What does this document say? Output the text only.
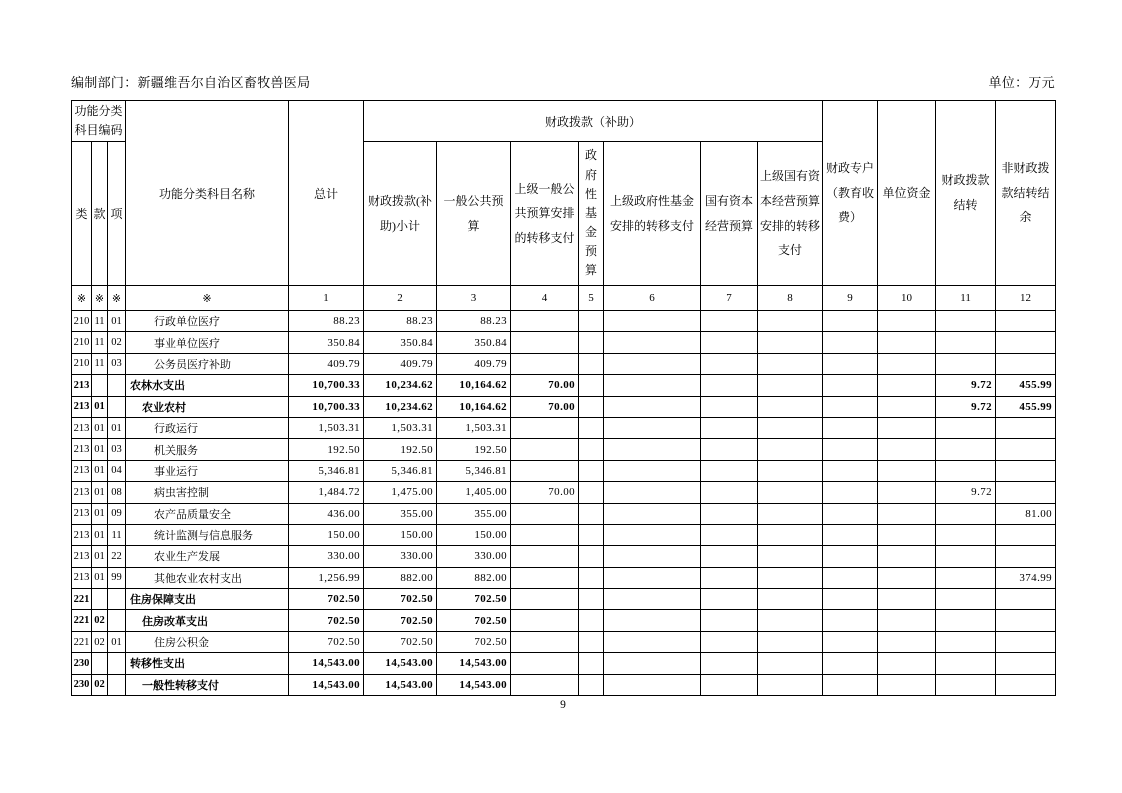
编制部门：新疆维吾尔自治区畜牧兽医局	单位：万元
功能分类科目编码			功能分类科目名称	总计	财政拨款（补助）							财政专户（教育收费）	单位资金	财政拨款结转	非财政拨款结转结余
类	款	项			财政拨款(补助)小计	一般公共预算	上级一般公共预算安排的转移支付	政府性基金预算	上级政府性基金安排的转移支付	国有资本经营预算	上级国有资本经营预算安排的转移支付				
※	※	※	※	1	2	3	4	5	6	7	8	9	10	11	12
210	11	01	行政单位医疗	88.23	88.23	88.23									
210	11	02	事业单位医疗	350.84	350.84	350.84									
210	11	03	公务员医疗补助	409.79	409.79	409.79									
213			农林水支出	10,700.33	10,234.62	10,164.62	70.00							9.72	455.99
213	01		农业农村	10,700.33	10,234.62	10,164.62	70.00							9.72	455.99
213	01	01	行政运行	1,503.31	1,503.31	1,503.31									
213	01	03	机关服务	192.50	192.50	192.50									
213	01	04	事业运行	5,346.81	5,346.81	5,346.81									
213	01	08	病虫害控制	1,484.72	1,475.00	1,405.00	70.00							9.72	
213	01	09	农产品质量安全	436.00	355.00	355.00									81.00
213	01	11	统计监测与信息服务	150.00	150.00	150.00									
213	01	22	农业生产发展	330.00	330.00	330.00									
213	01	99	其他农业农村支出	1,256.99	882.00	882.00									374.99
221			住房保障支出	702.50	702.50	702.50									
221	02		住房改革支出	702.50	702.50	702.50									
221	02	01	住房公积金	702.50	702.50	702.50									
230			转移性支出	14,543.00	14,543.00	14,543.00									
230	02		一般性转移支付	14,543.00	14,543.00	14,543.00									
9
